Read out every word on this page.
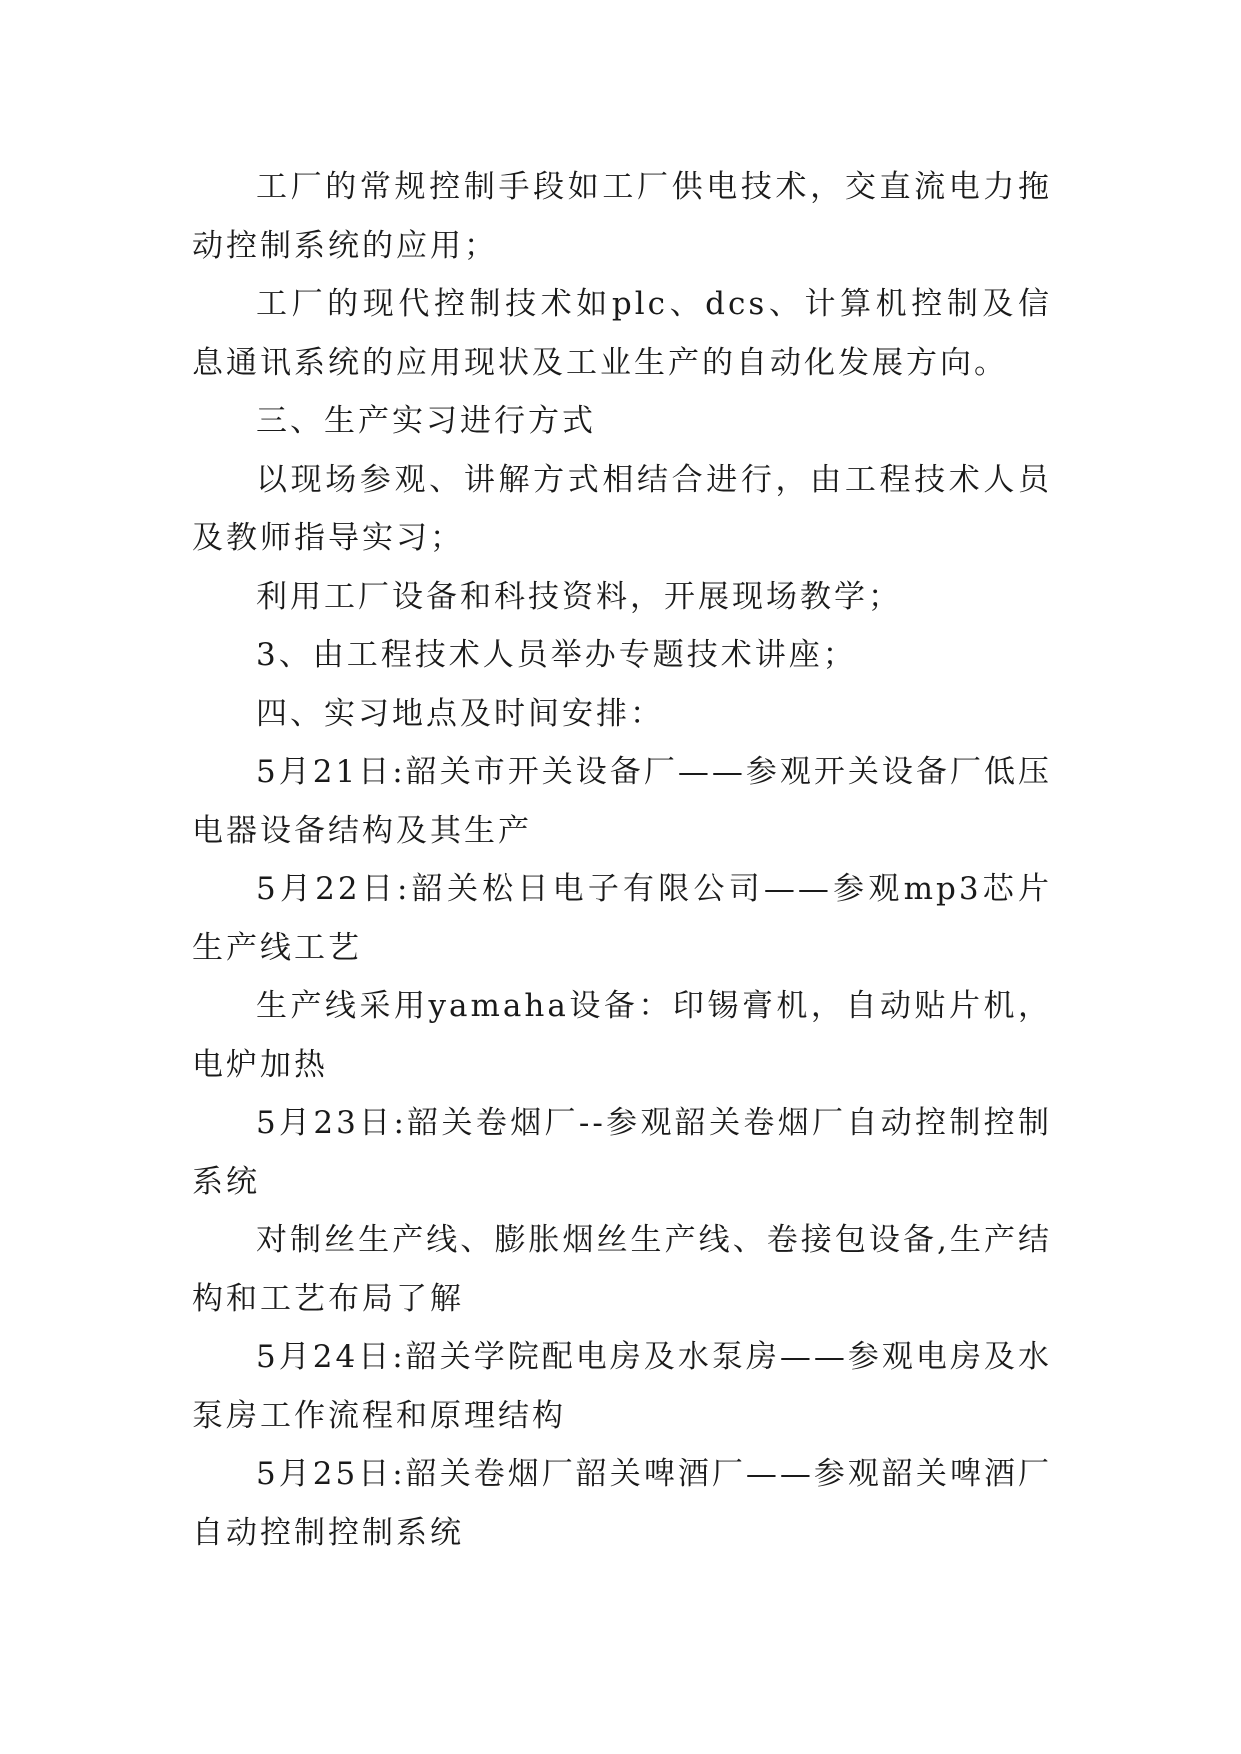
工厂的常规控制手段如工厂供电技术，交直流电力拖动控制系统的应用；

工厂的现代控制技术如plc、dcs、计算机控制及信息通讯系统的应用现状及工业生产的自动化发展方向。

三、生产实习进行方式

以现场参观、讲解方式相结合进行，由工程技术人员及教师指导实习；

利用工厂设备和科技资料，开展现场教学；

3、由工程技术人员举办专题技术讲座；

四、实习地点及时间安排：

5月21日:韶关市开关设备厂——参观开关设备厂低压电器设备结构及其生产

5月22日:韶关松日电子有限公司——参观mp3芯片生产线工艺

生产线采用yamaha设备：印锡膏机，自动贴片机，电炉加热

5月23日:韶关卷烟厂--参观韶关卷烟厂自动控制控制系统

对制丝生产线、膨胀烟丝生产线、卷接包设备,生产结构和工艺布局了解

5月24日:韶关学院配电房及水泵房——参观电房及水泵房工作流程和原理结构

5月25日:韶关卷烟厂韶关啤酒厂——参观韶关啤酒厂自动控制控制系统
